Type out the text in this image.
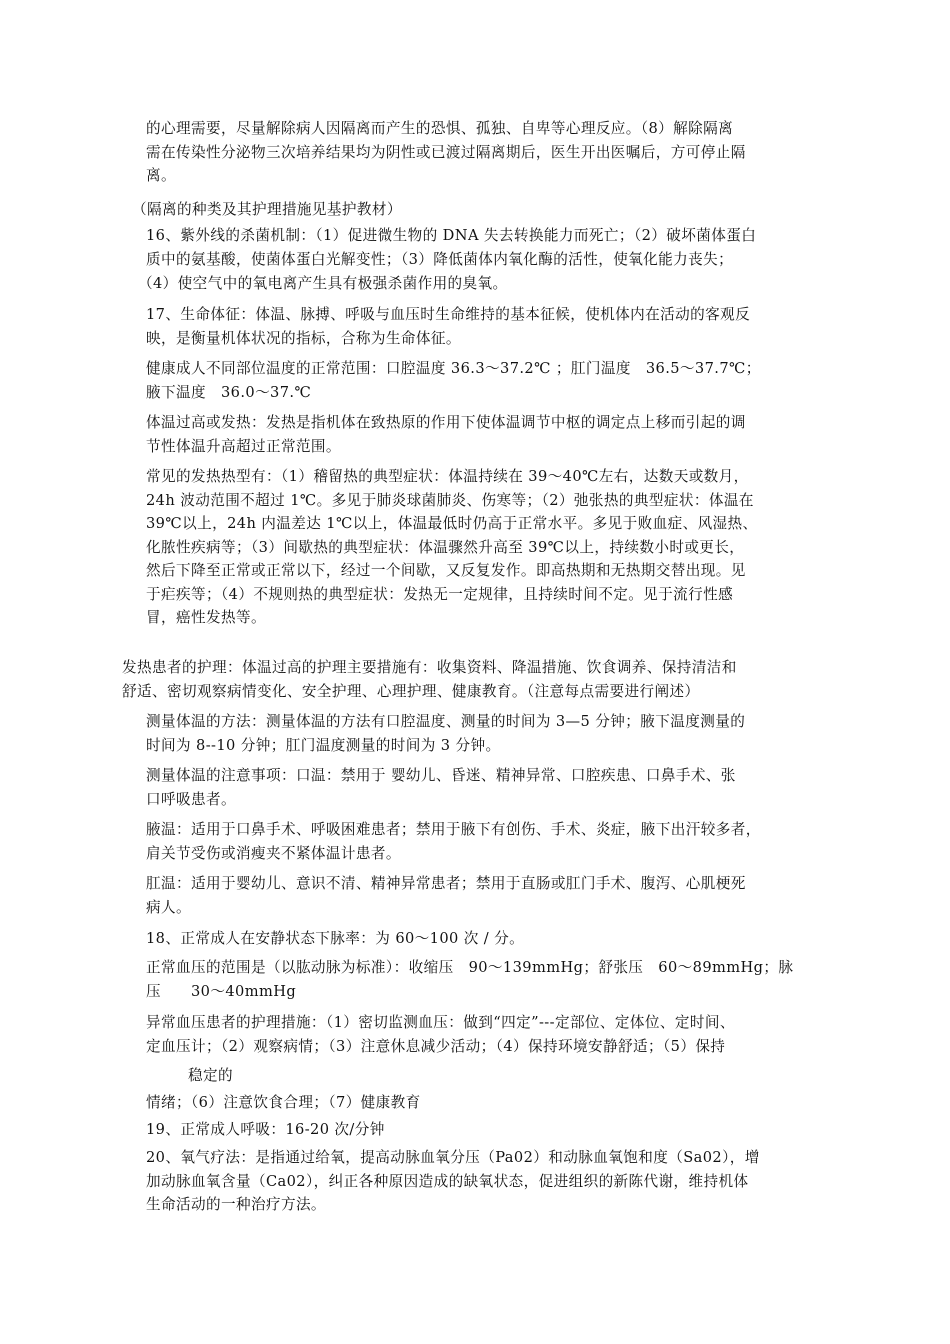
的心理需要，尽量解除病人因隔离而产生的恐惧、孤独、自卑等心理反应。（8）解除隔离
需在传染性分泌物三次培养结果均为阴性或已渡过隔离期后，医生开出医嘱后，方可停止隔
离。
（隔离的种类及其护理措施见基护教材）
16、紫外线的杀菌机制：（1）促进微生物的 DNA 失去转换能力而死亡；（2）破坏菌体蛋白
质中的氨基酸，使菌体蛋白光解变性；（3）降低菌体内氧化酶的活性，使氧化能力丧失；
（4）使空气中的氧电离产生具有极强杀菌作用的臭氧。
17、生命体征：体温、脉搏、呼吸与血压时生命维持的基本征候，使机体内在活动的客观反
映，是衡量机体状况的指标，合称为生命体征。
健康成人不同部位温度的正常范围：口腔温度 36.3～37.2℃ ；肛门温度　36.5～37.7℃；
腋下温度　36.0～37.℃
体温过高或发热：发热是指机体在致热原的作用下使体温调节中枢的调定点上移而引起的调
节性体温升高超过正常范围。
常见的发热热型有：（1）稽留热的典型症状：体温持续在 39～40℃左右，达数天或数月，
24h 波动范围不超过 1℃。多见于肺炎球菌肺炎、伤寒等；（2）弛张热的典型症状：体温在
39℃以上，24h 内温差达 1℃以上，体温最低时仍高于正常水平。多见于败血症、风湿热、
化脓性疾病等；（3）间歇热的典型症状：体温骤然升高至 39℃以上，持续数小时或更长，
然后下降至正常或正常以下，经过一个间歇，又反复发作。即高热期和无热期交替出现。见
于疟疾等；（4）不规则热的典型症状：发热无一定规律，且持续时间不定。见于流行性感
冒，癌性发热等。
发热患者的护理：体温过高的护理主要措施有：收集资料、降温措施、饮食调养、保持清洁和
舒适、密切观察病情变化、安全护理、心理护理、健康教育。（注意每点需要进行阐述）
测量体温的方法：测量体温的方法有口腔温度、测量的时间为 3—5 分钟；腋下温度测量的
时间为 8--10 分钟；肛门温度测量的时间为 3 分钟。
测量体温的注意事项：口温：禁用于 婴幼儿、昏迷、精神异常、口腔疾患、口鼻手术、张
口呼吸患者。
腋温：适用于口鼻手术、呼吸困难患者；禁用于腋下有创伤、手术、炎症，腋下出汗较多者，
肩关节受伤或消瘦夹不紧体温计患者。
肛温：适用于婴幼儿、意识不清、精神异常患者；禁用于直肠或肛门手术、腹泻、心肌梗死
病人。
18、正常成人在安静状态下脉率：为 60～100 次 / 分。
正常血压的范围是（以肱动脉为标准）：收缩压　90～139mmHg；舒张压　60～89mmHg；脉
压　　30～40mmHg
异常血压患者的护理措施：（1）密切监测血压：做到“四定”---定部位、定体位、定时间、
定血压计；（2）观察病情；（3）注意休息减少活动；（4）保持环境安静舒适；（5）保持
稳定的
情绪；（6）注意饮食合理；（7）健康教育
19、正常成人呼吸：16-20 次/分钟
20、氧气疗法：是指通过给氧，提高动脉血氧分压（Pa02）和动脉血氧饱和度（Sa02），增
加动脉血氧含量（Ca02），纠正各种原因造成的缺氧状态，促进组织的新陈代谢，维持机体
生命活动的一种治疗方法。
